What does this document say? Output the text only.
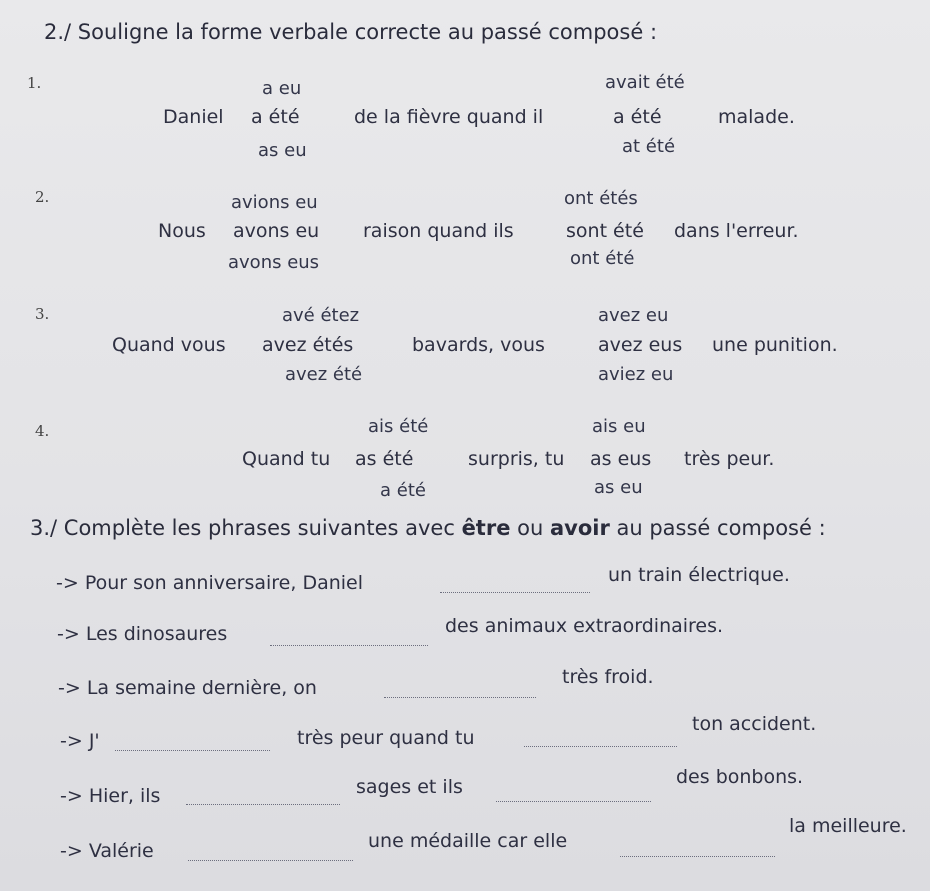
2./ Souligne la forme verbale correcte au passé composé :
1.	a eu	avait été
Daniel a été	de la fièvre quand il	a été	malade.
as eu	at été
2.	avions eu	ont étés
Nous avons eu raison quand ils	sont été dans l'erreur.
avons eus	ont été
3.	avé étez	avez eu
Quand vous avez étés	bavards, vous	avez eus une punition.
avez été	aviez eu
4.	ais été	ais eu
Quand tu as été	surpris, tu as eus très peur.
a été	as eu
3./ Complète les phrases suivantes avec être ou avoir au passé composé :
-> Pour son anniversaire, Daniel	un train électrique.
-> Les dinosaures	des animaux extraordinaires.
-> La semaine dernière, on	très froid.
-> J'	très peur quand tu
ton accident.
-> Hier, ils	sages et ils	des bonbons.
-> Valérie	une médaille car elle
la meilleure.
